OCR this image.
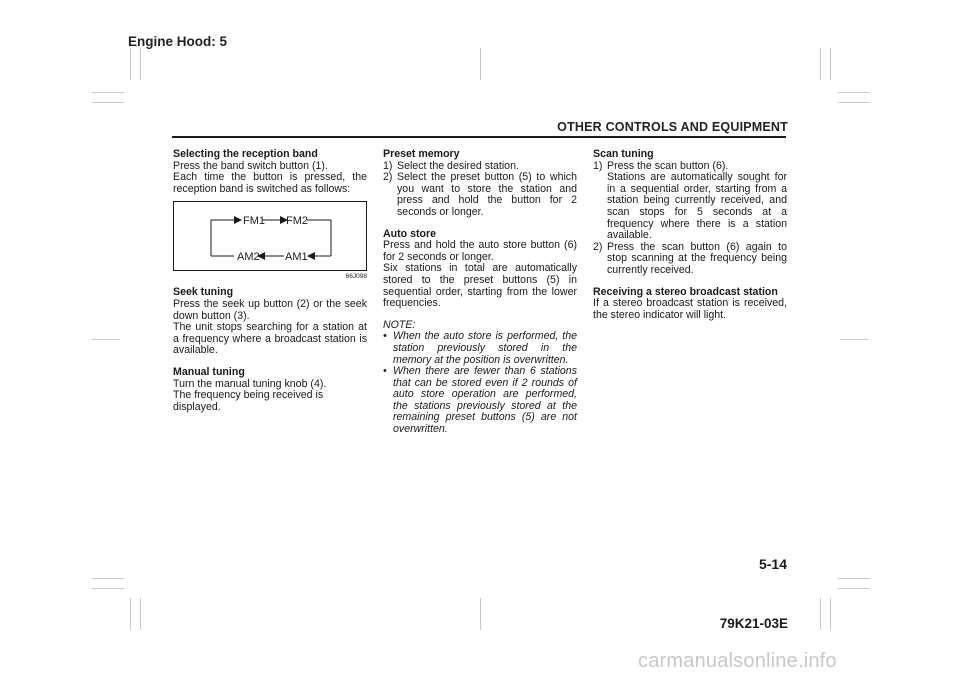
Engine Hood: 5
OTHER CONTROLS AND EQUIPMENT

Selecting the reception band

Press the band switch button (1).

Each time the button is pressed, the reception band is switched as follows:

FM1 FM2
AM1
AM2
66J098

Seek tuning

Press the seek up button (2) or the seek down button (3).

The unit stops searching for a station at a frequency where a broadcast station is available.

Manual tuning

Turn the manual tuning knob (4).

The frequency being received is displayed.

Preset memory

1) Select the desired station.
2) Select the preset button (5) to which you want to store the station and press and hold the button for 2 seconds or longer.

Auto store

Press and hold the auto store button (6) for 2 seconds or longer.

Six stations in total are automatically stored to the preset buttons (5) in sequential order, starting from the lower frequencies.

NOTE:

• When the auto store is performed, the station previously stored in the memory at the position is overwritten.
• When there are fewer than 6 stations that can be stored even if 2 rounds of auto store operation are performed, the stations previously stored at the remaining preset buttons (5) are not overwritten.

Scan tuning

1) Press the scan button (6).
Stations are automatically sought for in a sequential order, starting from a station being currently received, and scan stops for 5 seconds at a frequency where there is a station available.
2) Press the scan button (6) again to stop scanning at the frequency being currently received.

Receiving a stereo broadcast station

If a stereo broadcast station is received, the stereo indicator will light.

5-14
79K21-03E
carmanualsonline.info
